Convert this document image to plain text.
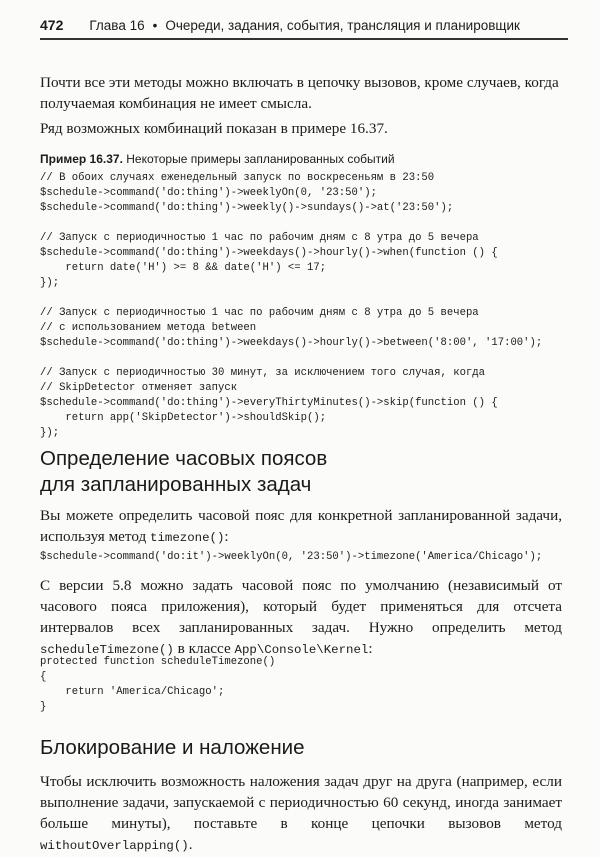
472 Глава 16 • Очереди, задания, события, трансляция и планировщик

Почти все эти методы можно включать в цепочку вызовов, кроме случаев, когда получаемая комбинация не имеет смысла.

Ряд возможных комбинаций показан в примере 16.37.

Пример 16.37. Некоторые примеры запланированных событий
// В обоих случаях еженедельный запуск по воскресеньям в 23:50
$schedule->command('do:thing')->weeklyOn(0, '23:50');
$schedule->command('do:thing')->weekly()->sundays()->at('23:50');
// Запуск с периодичностью 1 час по рабочим дням с 8 утра до 5 вечера
$schedule->command('do:thing')->weekdays()->hourly()->when(function () {
return date('H') >= 8 && date('H') <= 17;
});
// Запуск с периодичностью 1 час по рабочим дням с 8 утра до 5 вечера
// с использованием метода between
$schedule->command('do:thing')->weekdays()->hourly()->between('8:00', '17:00');
// Запуск с периодичностью 30 минут, за исключением того случая, когда
// SkipDetector отменяет запуск
$schedule->command('do:thing')->everyThirtyMinutes()->skip(function () {
return app('SkipDetector')->shouldSkip();
});
Определение часовых поясов
для запланированных задач

Вы можете определить часовой пояс для конкретной запланированной задачи, используя метод timezone():

$schedule->command('do:it')->weeklyOn(0, '23:50')->timezone('America/Chicago');

С версии 5.8 можно задать часовой пояс по умолчанию (независимый от часового пояса приложения), который будет применяться для отсчета интервалов всех запланированных задач. Нужно определить метод scheduleTimezone() в классе App\Console\Kernel:

protected function scheduleTimezone()
{
return 'America/Chicago';
}
Блокирование и наложение

Чтобы исключить возможность наложения задач друг на друга (например, если выполнение задачи, запускаемой с периодичностью 60 секунд, иногда занимает больше минуты), поставьте в конце цепочки вызовов метод withoutOverlapping().
